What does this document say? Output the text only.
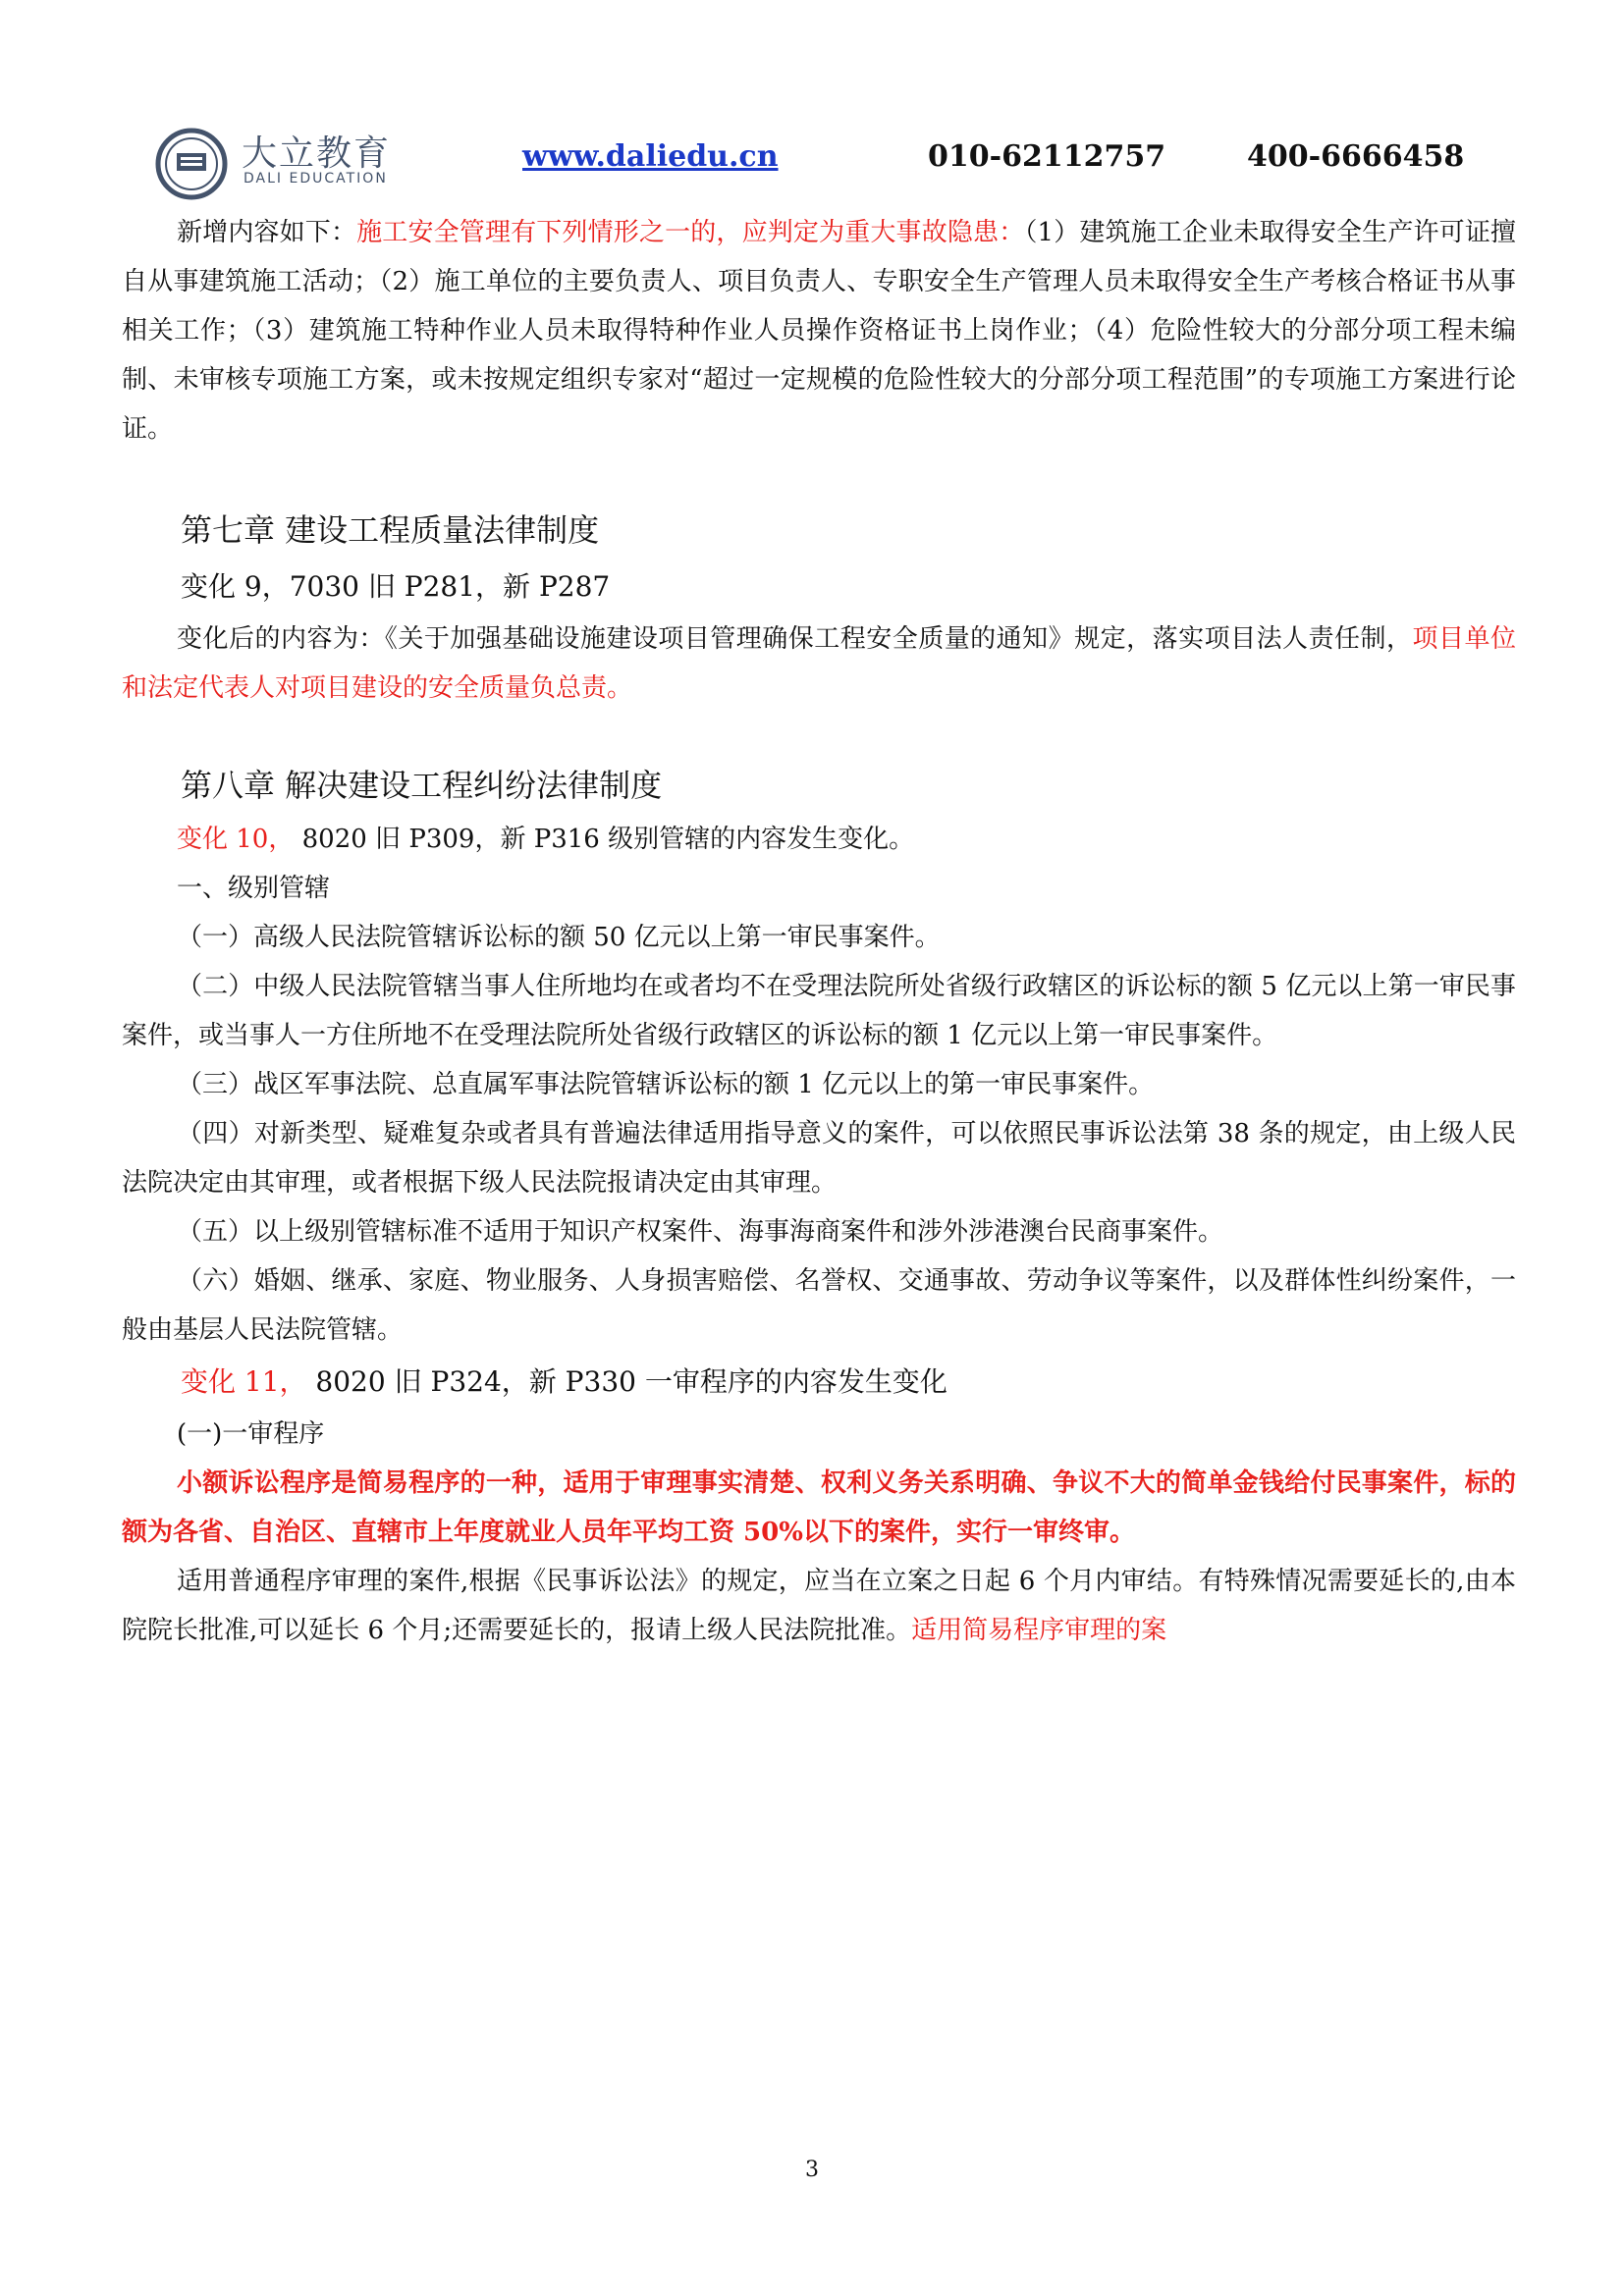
大立教育
DALI EDUCATION
www.daliedu.cn	010-62112757	400-6666458

新增内容如下：施工安全管理有下列情形之一的，应判定为重大事故隐患：（1）建筑施工企业未取得安全生产许可证擅自从事建筑施工活动；（2）施工单位的主要负责人、项目负责人、专职安全生产管理人员未取得安全生产考核合格证书从事相关工作；（3）建筑施工特种作业人员未取得特种作业人员操作资格证书上岗作业；（4）危险性较大的分部分项工程未编制、未审核专项施工方案，或未按规定组织专家对“超过一定规模的危险性较大的分部分项工程范围”的专项施工方案进行论证。

第七章 建设工程质量法律制度

变化 9，7030 旧 P281，新 P287

变化后的内容为：《关于加强基础设施建设项目管理确保工程安全质量的通知》规定，落实项目法人责任制，项目单位和法定代表人对项目建设的安全质量负总责。

第八章 解决建设工程纠纷法律制度

变化 10， 8020 旧 P309，新 P316 级别管辖的内容发生变化。

一、级别管辖

（一）高级人民法院管辖诉讼标的额 50 亿元以上第一审民事案件。

（二）中级人民法院管辖当事人住所地均在或者均不在受理法院所处省级行政辖区的诉讼标的额 5 亿元以上第一审民事案件，或当事人一方住所地不在受理法院所处省级行政辖区的诉讼标的额 1 亿元以上第一审民事案件。

（三）战区军事法院、总直属军事法院管辖诉讼标的额 1 亿元以上的第一审民事案件。

（四）对新类型、疑难复杂或者具有普遍法律适用指导意义的案件，可以依照民事诉讼法第 38 条的规定，由上级人民法院决定由其审理，或者根据下级人民法院报请决定由其审理。

（五）以上级别管辖标准不适用于知识产权案件、海事海商案件和涉外涉港澳台民商事案件。

（六）婚姻、继承、家庭、物业服务、人身损害赔偿、名誉权、交通事故、劳动争议等案件，以及群体性纠纷案件，一般由基层人民法院管辖。

变化 11， 8020 旧 P324，新 P330 一审程序的内容发生变化

(一)一审程序

小额诉讼程序是简易程序的一种，适用于审理事实清楚、权利义务关系明确、争议不大的简单金钱给付民事案件，标的额为各省、自治区、直辖市上年度就业人员年平均工资 50%以下的案件，实行一审终审。

适用普通程序审理的案件,根据《民事诉讼法》的规定，应当在立案之日起 6 个月内审结。有特殊情况需要延长的,由本院院长批准,可以延长 6 个月;还需要延长的，报请上级人民法院批准。适用简易程序审理的案

3
